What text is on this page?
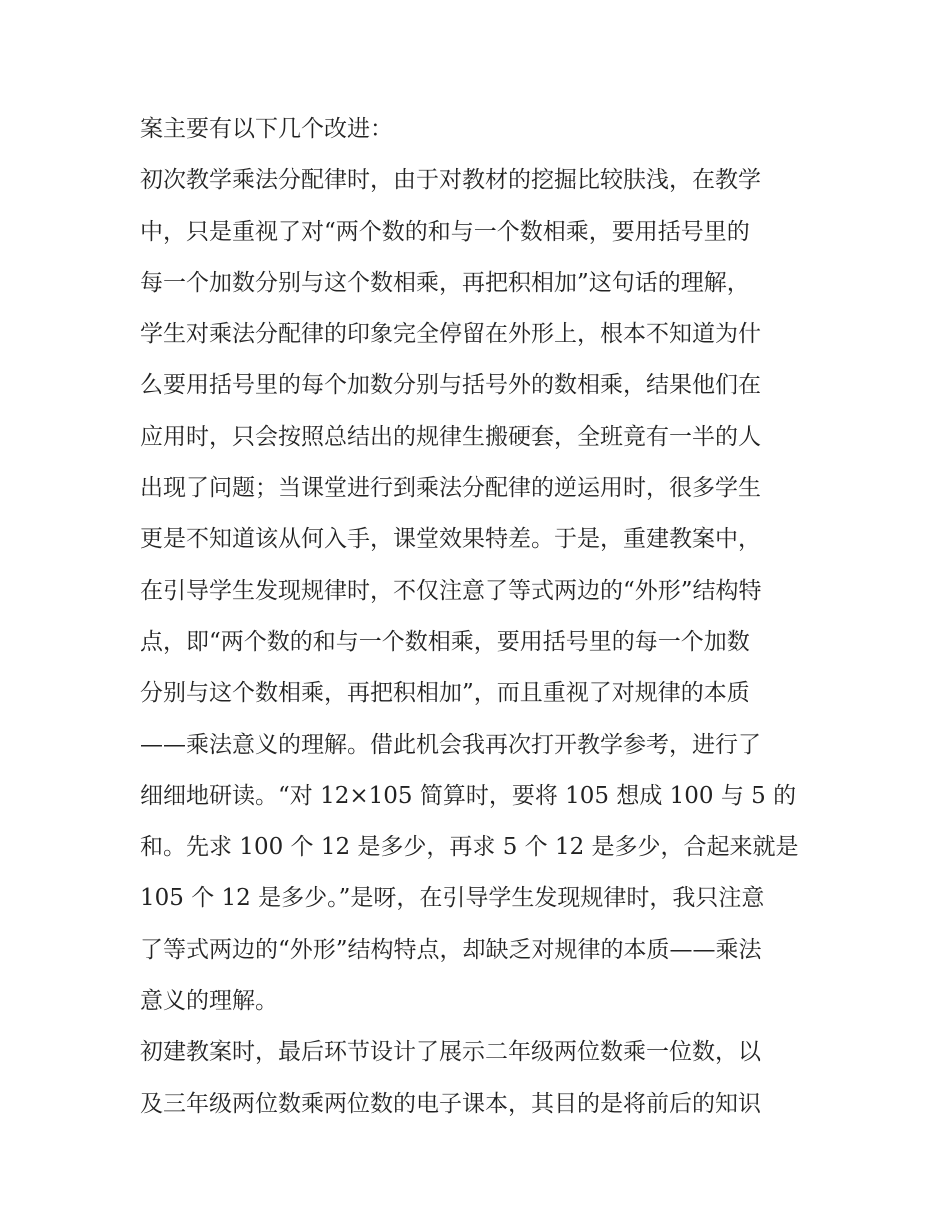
案主要有以下几个改进：
初次教学乘法分配律时，由于对教材的挖掘比较肤浅，在教学
中，只是重视了对“两个数的和与一个数相乘，要用括号里的
每一个加数分别与这个数相乘，再把积相加”这句话的理解，
学生对乘法分配律的印象完全停留在外形上，根本不知道为什
么要用括号里的每个加数分别与括号外的数相乘，结果他们在
应用时，只会按照总结出的规律生搬硬套，全班竟有一半的人
出现了问题；当课堂进行到乘法分配律的逆运用时，很多学生
更是不知道该从何入手，课堂效果特差。于是，重建教案中，
在引导学生发现规律时，不仅注意了等式两边的“外形”结构特
点，即“两个数的和与一个数相乘，要用括号里的每一个加数
分别与这个数相乘，再把积相加”，而且重视了对规律的本质
——乘法意义的理解。借此机会我再次打开教学参考，进行了
细细地研读。“对 12×105 简算时，要将 105 想成 100 与 5 的
和。先求 100 个 12 是多少，再求 5 个 12 是多少，合起来就是
105 个 12 是多少。”是呀，在引导学生发现规律时，我只注意
了等式两边的“外形”结构特点，却缺乏对规律的本质——乘法
意义的理解。
初建教案时，最后环节设计了展示二年级两位数乘一位数，以
及三年级两位数乘两位数的电子课本，其目的是将前后的知识
